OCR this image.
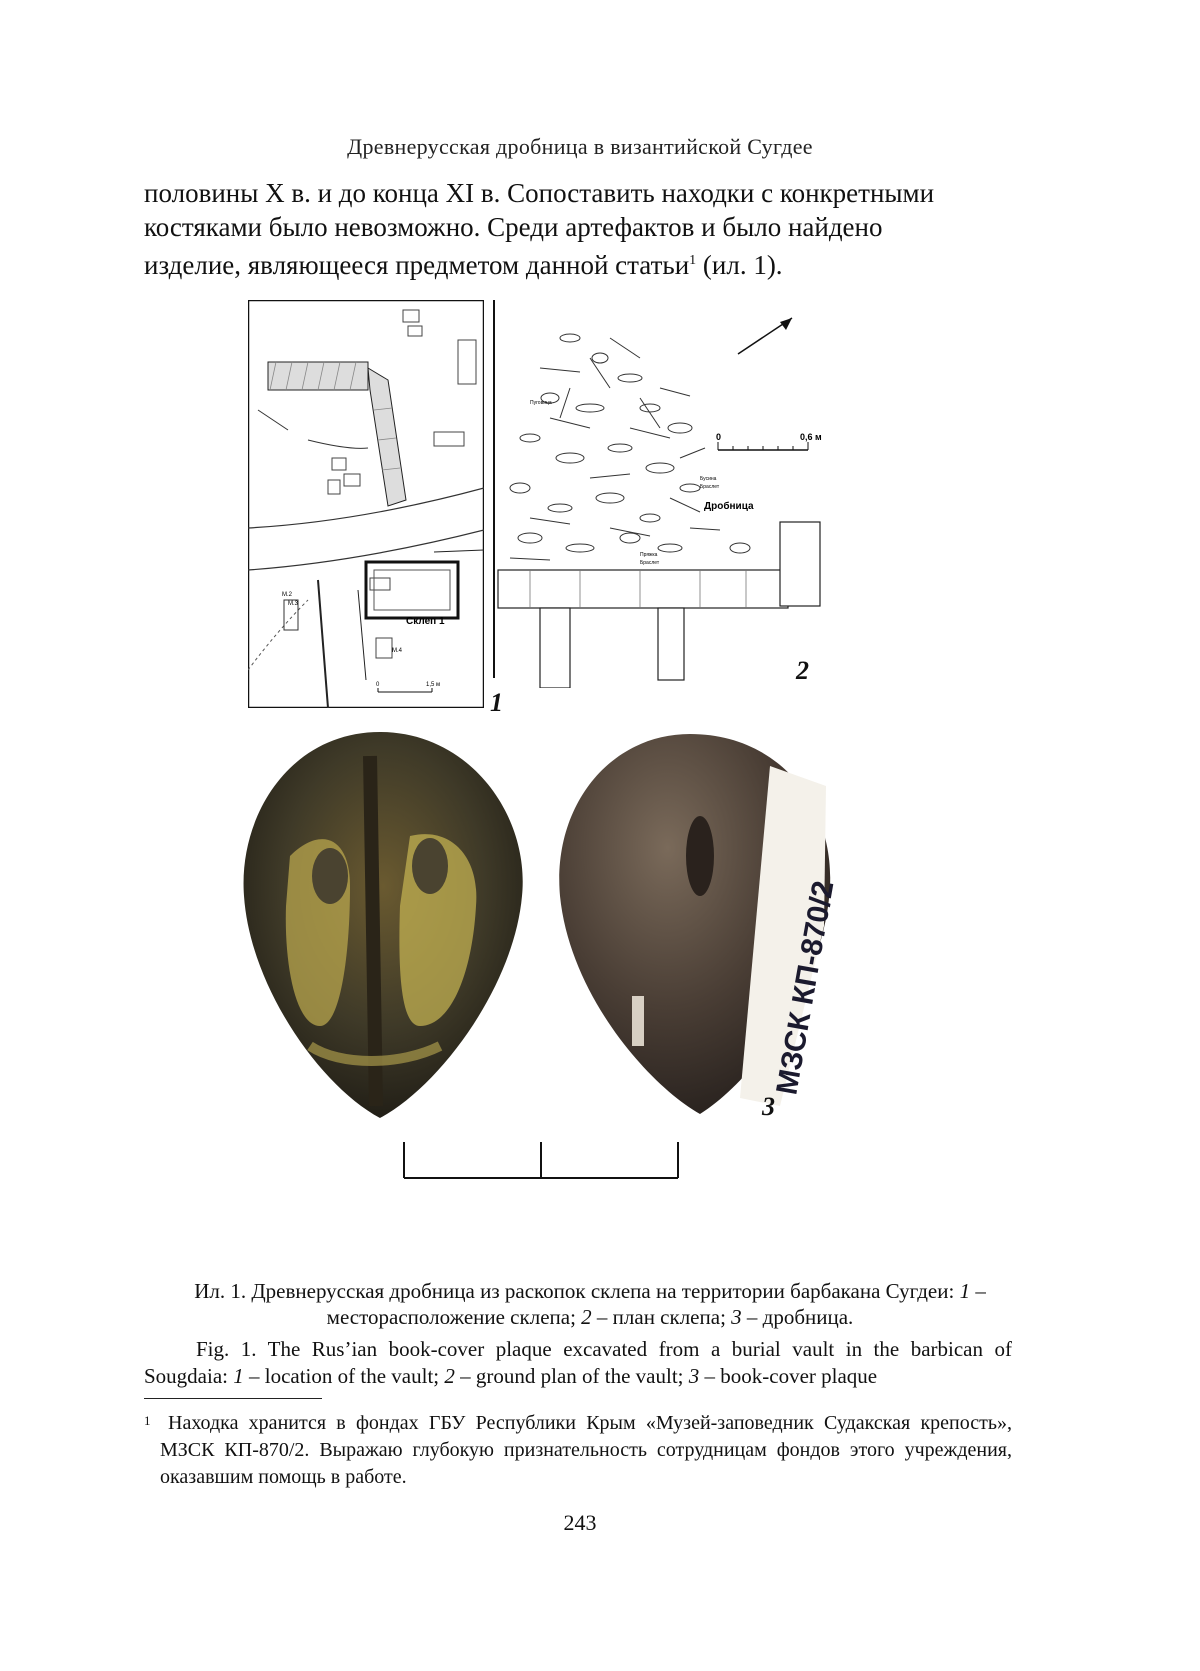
Древнерусская дробница в византийской Сугдее

половины X в. и до конца XI в. Сопоставить находки с конкретными

костяками было невозможно. Среди артефактов и было найдено

изделие, являющееся предметом данной статьи$^1$ (ил. 1).

Склеп 1
М.2
М.3
М.4
0	1,5 м
1
Пуговица
Бусина
Браслет
Пряжка
Браслет
Дробница
0	0,6 м
2
МЗСК КП-870/2
3
Ил. 1. Древнерусская дробница из раскопок склепа на территории барбакана Сугдеи: 1 – месторасположение склепа; 2 – план склепа; 3 – дробница.
Fig. 1. The Rus’ian book-cover plaque excavated from a burial vault in the barbican of Sougdaia: 1 – location of the vault; 2 – ground plan of the vault; 3 – book-cover plaque
1 Находка хранится в фондах ГБУ Республики Крым «Музей-заповедник Судакская крепость», МЗСК КП-870/2. Выражаю глубокую признательность сотрудницам фондов этого учреждения, оказавшим помощь в работе.
243
